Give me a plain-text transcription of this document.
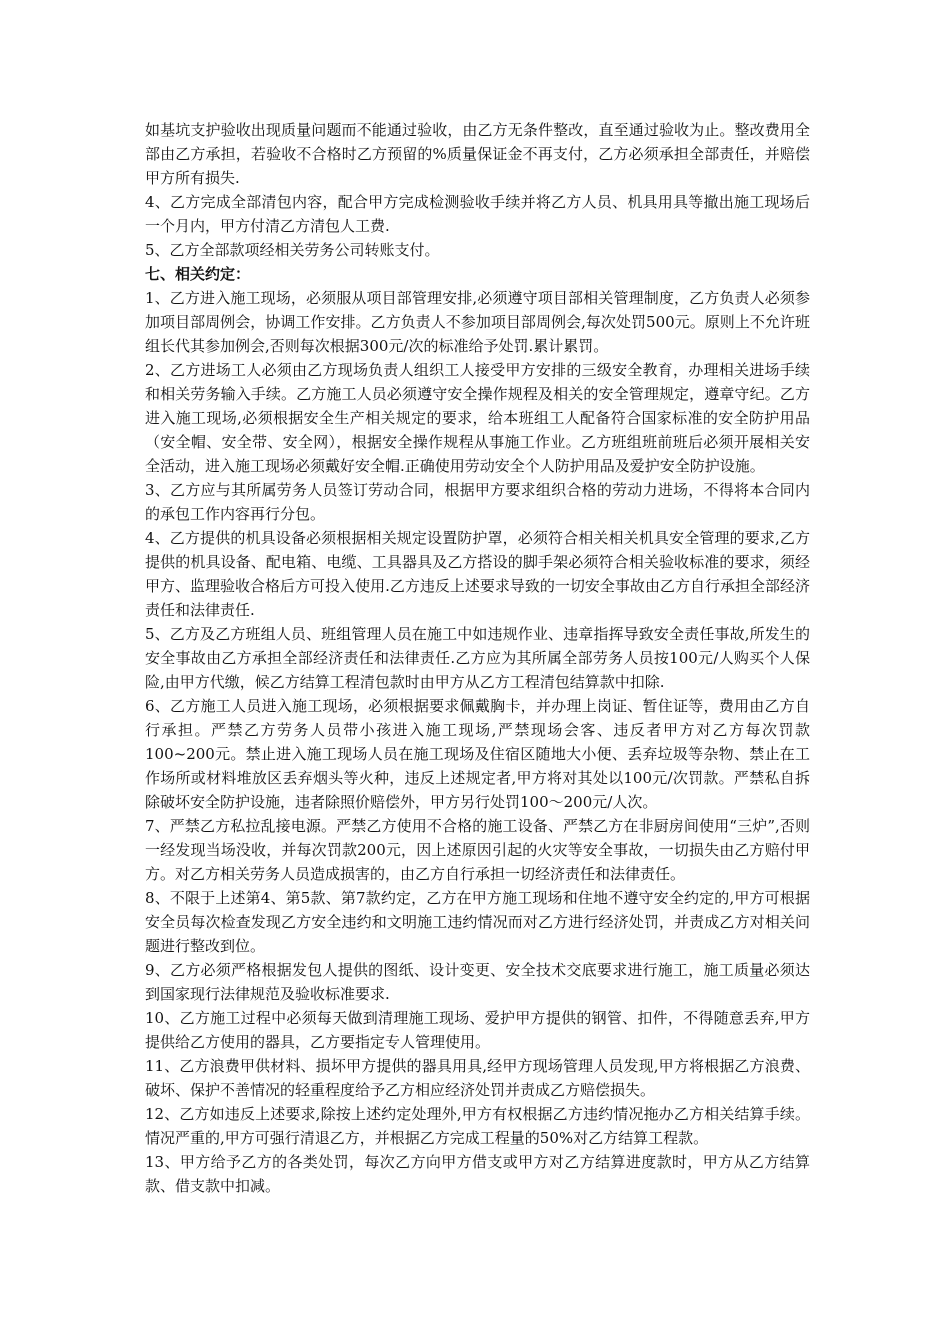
如基坑支护验收出现质量问题而不能通过验收，由乙方无条件整改，直至通过验收为止。整改费用全部由乙方承担，若验收不合格时乙方预留的%质量保证金不再支付，乙方必须承担全部责任，并赔偿甲方所有损失.

4、乙方完成全部清包内容，配合甲方完成检测验收手续并将乙方人员、机具用具等撤出施工现场后一个月内，甲方付清乙方清包人工费.

5、乙方全部款项经相关劳务公司转账支付。

七、相关约定：

1、乙方进入施工现场，必须服从项目部管理安排,必须遵守项目部相关管理制度，乙方负责人必须参加项目部周例会，协调工作安排。乙方负责人不参加项目部周例会,每次处罚500元。原则上不允许班组长代其参加例会,否则每次根据300元/次的标准给予处罚.累计累罚。

2、乙方进场工人必须由乙方现场负责人组织工人接受甲方安排的三级安全教育，办理相关进场手续和相关劳务输入手续。乙方施工人员必须遵守安全操作规程及相关的安全管理规定，遵章守纪。乙方进入施工现场,必须根据安全生产相关规定的要求，给本班组工人配备符合国家标准的安全防护用品（安全帽、安全带、安全网），根据安全操作规程从事施工作业。乙方班组班前班后必须开展相关安全活动，进入施工现场必须戴好安全帽.正确使用劳动安全个人防护用品及爱护安全防护设施。

3、乙方应与其所属劳务人员签订劳动合同，根据甲方要求组织合格的劳动力进场，不得将本合同内的承包工作内容再行分包。

4、乙方提供的机具设备必须根据相关规定设置防护罩，必须符合相关相关机具安全管理的要求,乙方提供的机具设备、配电箱、电缆、工具器具及乙方搭设的脚手架必须符合相关验收标准的要求，须经甲方、监理验收合格后方可投入使用.乙方违反上述要求导致的一切安全事故由乙方自行承担全部经济责任和法律责任.

5、乙方及乙方班组人员、班组管理人员在施工中如违规作业、违章指挥导致安全责任事故,所发生的安全事故由乙方承担全部经济责任和法律责任.乙方应为其所属全部劳务人员按100元/人购买个人保险,由甲方代缴，候乙方结算工程清包款时由甲方从乙方工程清包结算款中扣除.

6、乙方施工人员进入施工现场，必须根据要求佩戴胸卡，并办理上岗证、暂住证等，费用由乙方自行承担。严禁乙方劳务人员带小孩进入施工现场,严禁现场会客、违反者甲方对乙方每次罚款100~200元。禁止进入施工现场人员在施工现场及住宿区随地大小便、丢弃垃圾等杂物、禁止在工作场所或材料堆放区丢弃烟头等火种，违反上述规定者,甲方将对其处以100元/次罚款。严禁私自拆除破坏安全防护设施，违者除照价赔偿外，甲方另行处罚100～200元/人次。

7、严禁乙方私拉乱接电源。严禁乙方使用不合格的施工设备、严禁乙方在非厨房间使用“三炉”,否则一经发现当场没收，并每次罚款200元，因上述原因引起的火灾等安全事故，一切损失由乙方赔付甲方。对乙方相关劳务人员造成损害的，由乙方自行承担一切经济责任和法律责任。

8、不限于上述第4、第5款、第7款约定，乙方在甲方施工现场和住地不遵守安全约定的,甲方可根据安全员每次检查发现乙方安全违约和文明施工违约情况而对乙方进行经济处罚，并责成乙方对相关问题进行整改到位。

9、乙方必须严格根据发包人提供的图纸、设计变更、安全技术交底要求进行施工，施工质量必须达到国家现行法律规范及验收标准要求.

10、乙方施工过程中必须每天做到清理施工现场、爱护甲方提供的钢管、扣件，不得随意丢弃,甲方提供给乙方使用的器具，乙方要指定专人管理使用。

11、乙方浪费甲供材料、损坏甲方提供的器具用具,经甲方现场管理人员发现,甲方将根据乙方浪费、破坏、保护不善情况的轻重程度给予乙方相应经济处罚并责成乙方赔偿损失。

12、乙方如违反上述要求,除按上述约定处理外,甲方有权根据乙方违约情况拖办乙方相关结算手续。情况严重的,甲方可强行清退乙方，并根据乙方完成工程量的50%对乙方结算工程款。

13、甲方给予乙方的各类处罚，每次乙方向甲方借支或甲方对乙方结算进度款时，甲方从乙方结算款、借支款中扣减。
